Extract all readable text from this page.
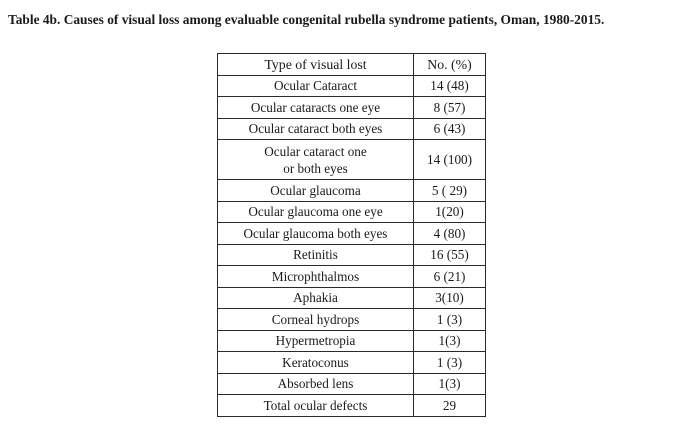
Table 4b. Causes of visual loss among evaluable congenital rubella syndrome patients, Oman, 1980-2015.
Type of visual lost	No. (%)
Ocular Cataract	14 (48)
Ocular cataracts one eye	8 (57)
Ocular cataract both eyes	6 (43)

Ocular cataract one
or both eyes	14 (100)
Ocular glaucoma	5 ( 29)
Ocular glaucoma one eye	1(20)
Ocular glaucoma both eyes	4 (80)
Retinitis	16 (55)
Microphthalmos	6 (21)
Aphakia	3(10)
Corneal hydrops	1 (3)
Hypermetropia	1(3)
Keratoconus	1 (3)
Absorbed lens	1(3)
Total ocular defects	29
